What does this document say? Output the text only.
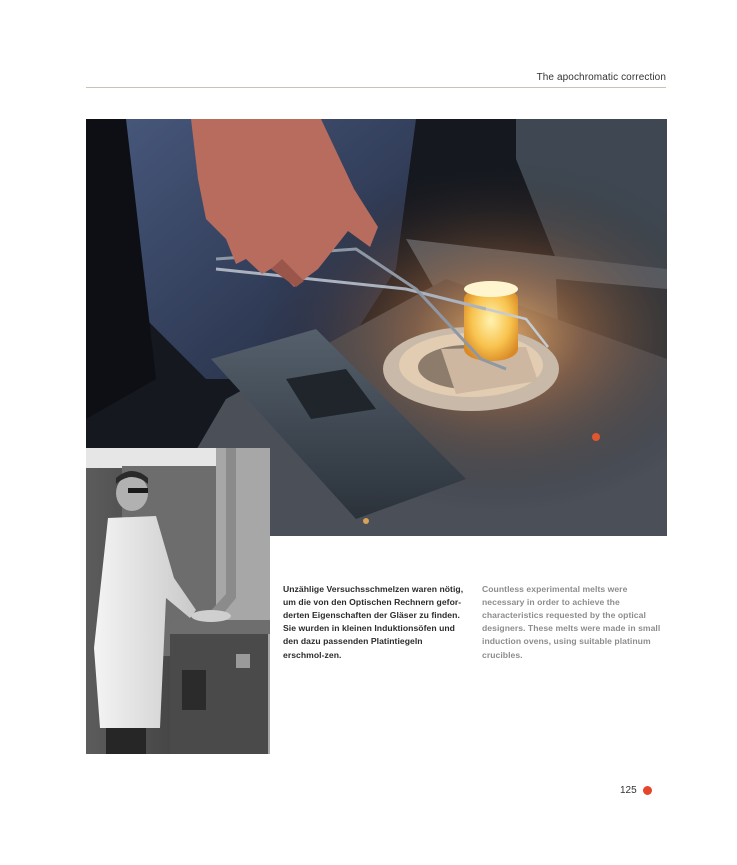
The apochromatic correction

Unzählige Versuchsschmelzen waren nötig, um die von den Optischen Rechnern gefor-derten Eigenschaften der Gläser zu finden. Sie wurden in kleinen Induktionsöfen und den dazu passenden Platintiegeln erschmol-zen.

Countless experimental melts were necessary in order to achieve the characteristics requested by the optical designers. These melts were made in small induction ovens, using suitable platinum crucibles.

125
